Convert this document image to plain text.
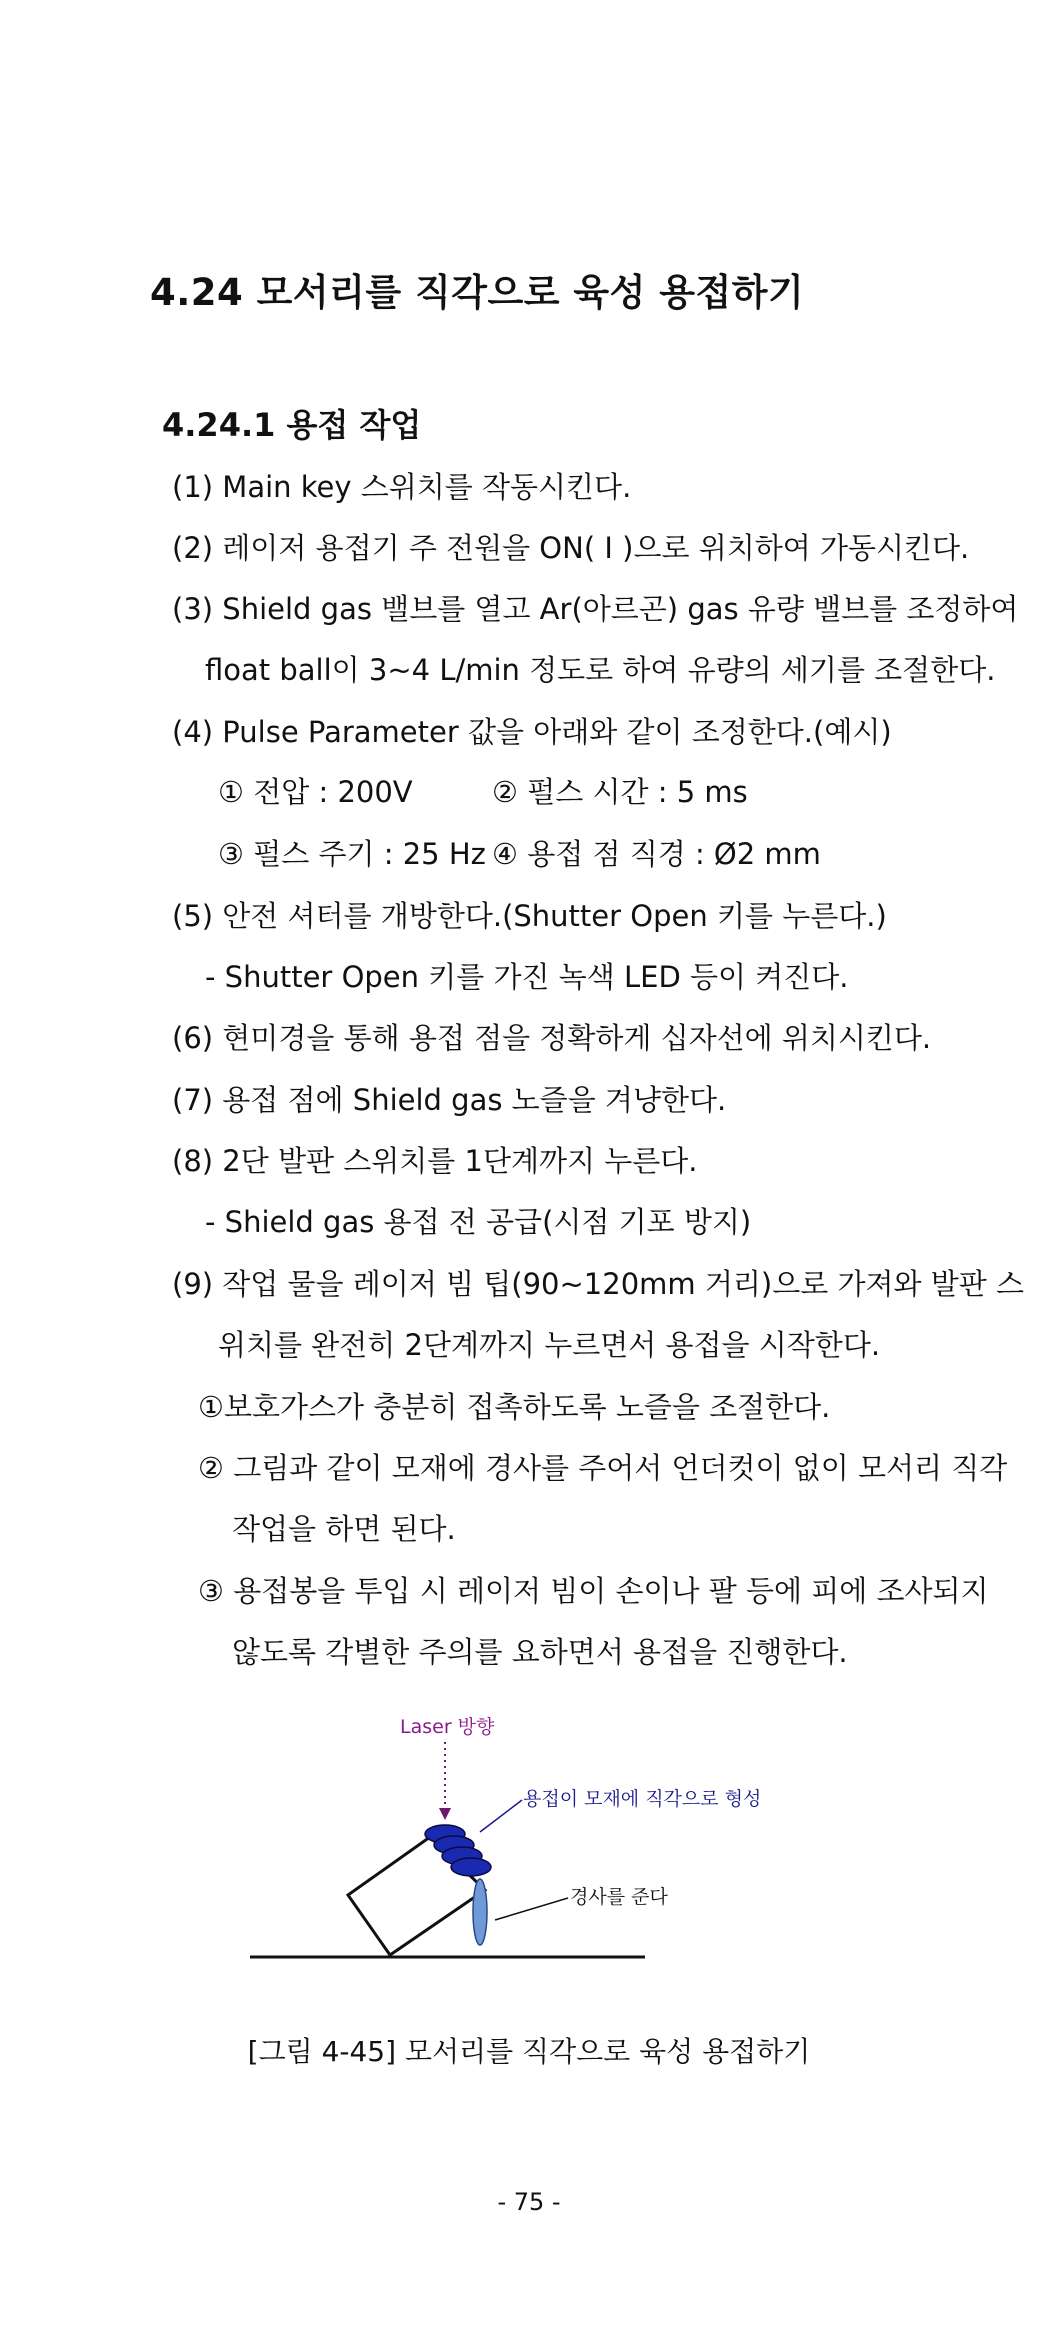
4.24 모서리를 직각으로 육성 용접하기
4.24.1 용접 작업
(1) Main key 스위치를 작동시킨다.
(2) 레이저 용접기 주 전원을 ON( I )으로 위치하여 가동시킨다.
(3) Shield gas 밸브를 열고 Ar(아르곤) gas 유량 밸브를 조정하여
float ball이 3~4 L/min 정도로 하여 유량의 세기를 조절한다.
(4) Pulse Parameter 값을 아래와 같이 조정한다.(예시)
① 전압 : 200V	② 펄스 시간 : 5 ms
③ 펄스 주기 : 25 Hz ④ 용접 점 직경 : Ø2 mm
(5) 안전 셔터를 개방한다.(Shutter Open 키를 누른다.)
- Shutter Open 키를 가진 녹색 LED 등이 켜진다.
(6) 현미경을 통해 용접 점을 정확하게 십자선에 위치시킨다.
(7) 용접 점에 Shield gas 노즐을 겨냥한다.
(8) 2단 발판 스위치를 1단계까지 누른다.
- Shield gas 용접 전 공급(시점 기포 방지)
(9) 작업 물을 레이저 빔 팁(90~120mm 거리)으로 가져와 발판 스
위치를 완전히 2단계까지 누르면서 용접을 시작한다.
①보호가스가 충분히 접촉하도록 노즐을 조절한다.
② 그림과 같이 모재에 경사를 주어서 언더컷이 없이 모서리 직각
작업을 하면 된다.
③ 용접봉을 투입 시 레이저 빔이 손이나 팔 등에 피에 조사되지
않도록 각별한 주의를 요하면서 용접을 진행한다.
Laser 방향
용접이 모재에 직각으로 형성
경사를 준다
[그림 4-45] 모서리를 직각으로 육성 용접하기
- 75 -
